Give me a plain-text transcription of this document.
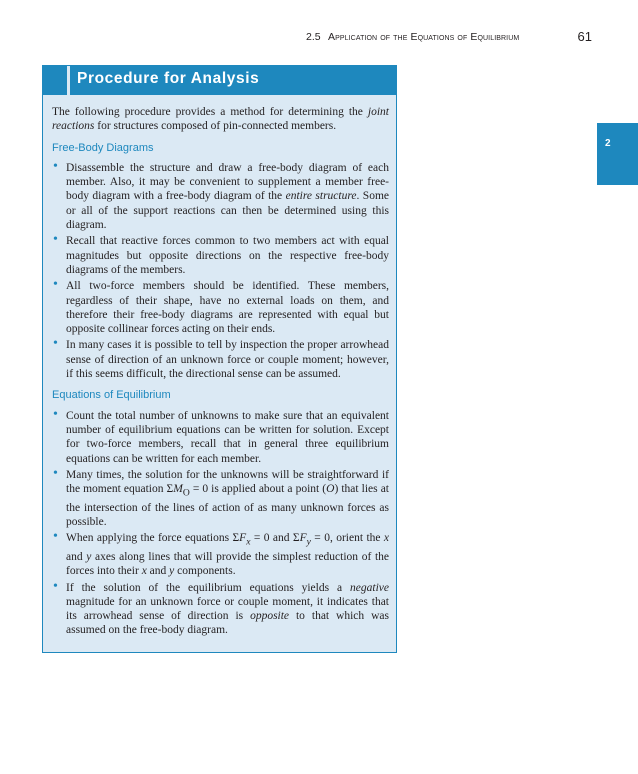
2.5 Application of the Equations of Equilibrium	61
2
Procedure for Analysis

The following procedure provides a method for determining the joint reactions for structures composed of pin-connected members.

Free-Body Diagrams
• Disassemble the structure and draw a free-body diagram of each member. Also, it may be convenient to supplement a member free-body diagram with a free-body diagram of the entire structure. Some or all of the support reactions can then be determined using this diagram.
• Recall that reactive forces common to two members act with equal magnitudes but opposite directions on the respective free-body diagrams of the members.
• All two-force members should be identified. These members, regardless of their shape, have no external loads on them, and therefore their free-body diagrams are represented with equal but opposite collinear forces acting on their ends.
• In many cases it is possible to tell by inspection the proper arrowhead sense of direction of an unknown force or couple moment; however, if this seems difficult, the directional sense can be assumed.
Equations of Equilibrium
• Count the total number of unknowns to make sure that an equivalent number of equilibrium equations can be written for solution. Except for two-force members, recall that in general three equilibrium equations can be written for each member.
• Many times, the solution for the unknowns will be straightforward if the moment equation $\Sigma M_O = 0$ is applied about a point (O) that lies at the intersection of the lines of action of as many unknown forces as possible.
• When applying the force equations $\Sigma F_x = 0$ and $\Sigma F_y = 0$, orient the x and y axes along lines that will provide the simplest reduction of the forces into their x and y components.
• If the solution of the equilibrium equations yields a negative magnitude for an unknown force or couple moment, it indicates that its arrowhead sense of direction is opposite to that which was assumed on the free-body diagram.
